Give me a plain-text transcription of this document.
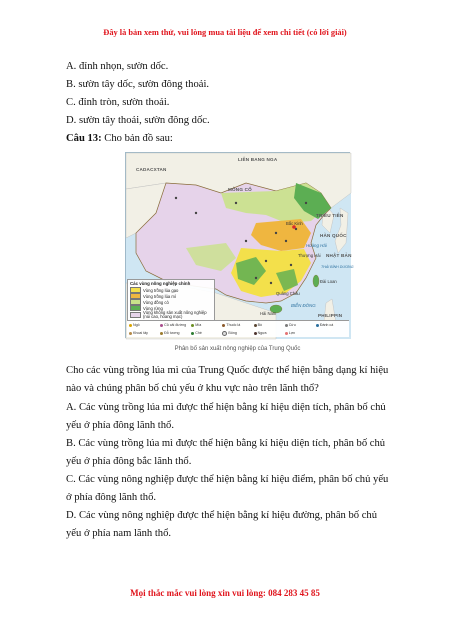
Đây là bản xem thử, vui lòng mua tài liệu để xem chi tiết (có lời giải)
A. đỉnh nhọn, sườn dốc.
B. sườn tây dốc, sườn đông thoải.
C. đỉnh tròn, sườn thoải.
D. sườn tây thoải, sườn đông dốc.
Câu 13: Cho bản đồ sau:
LIÊN BANG NGA
CADACXTAN
MÔNG CỔ
TRIỀU TIÊN
HÀN QUỐC
NHẬT BẢN
Hoàng Hải
BIỂN ĐÔNG
PHILIPPIN
Đài Loan
Bắc Kinh
Thượng Hải
Quảng Châu
Hải Nam
THÁI BÌNH DƯƠNG
Các vùng nông nghiệp chính
Vùng trồng lúa gạo
Vùng trồng lúa mì
Vùng đồng cỏ
Vùng rừng
Vùng không sản xuất nông nghiệp (núi cao, hoang mạc)
Ngô	Củ cải đường	Mía	Thuốc lá	Bò	Cừu	Đánh cá
Khoai tây	Đỗ tương	Chè	Bông	Ngựa	Lợn
Phân bố sản xuất nông nghiệp của Trung Quốc
Cho các vùng trồng lúa mì của Trung Quốc được thể hiện bằng dạng kí hiệu
nào và chúng phân bố chủ yếu ở khu vực nào trên lãnh thổ?
A. Các vùng trồng lúa mì được thể hiện bằng kí hiệu diện tích, phân bố chủ
yếu ở phía đông lãnh thổ.
B. Các vùng trồng lúa mì được thể hiện bằng kí hiệu diện tích, phân bố chủ
yếu ở phía đông bắc lãnh thổ.
C. Các vùng nông nghiệp được thể hiện bằng kí hiệu điểm, phân bố chủ yếu
ở phía đông lãnh thổ.
D. Các vùng nông nghiệp được thể hiện bằng kí hiệu đường, phân bố chủ
yếu ở phía nam lãnh thổ.
Mọi thắc mắc vui lòng xin vui lòng: 084 283 45 85
